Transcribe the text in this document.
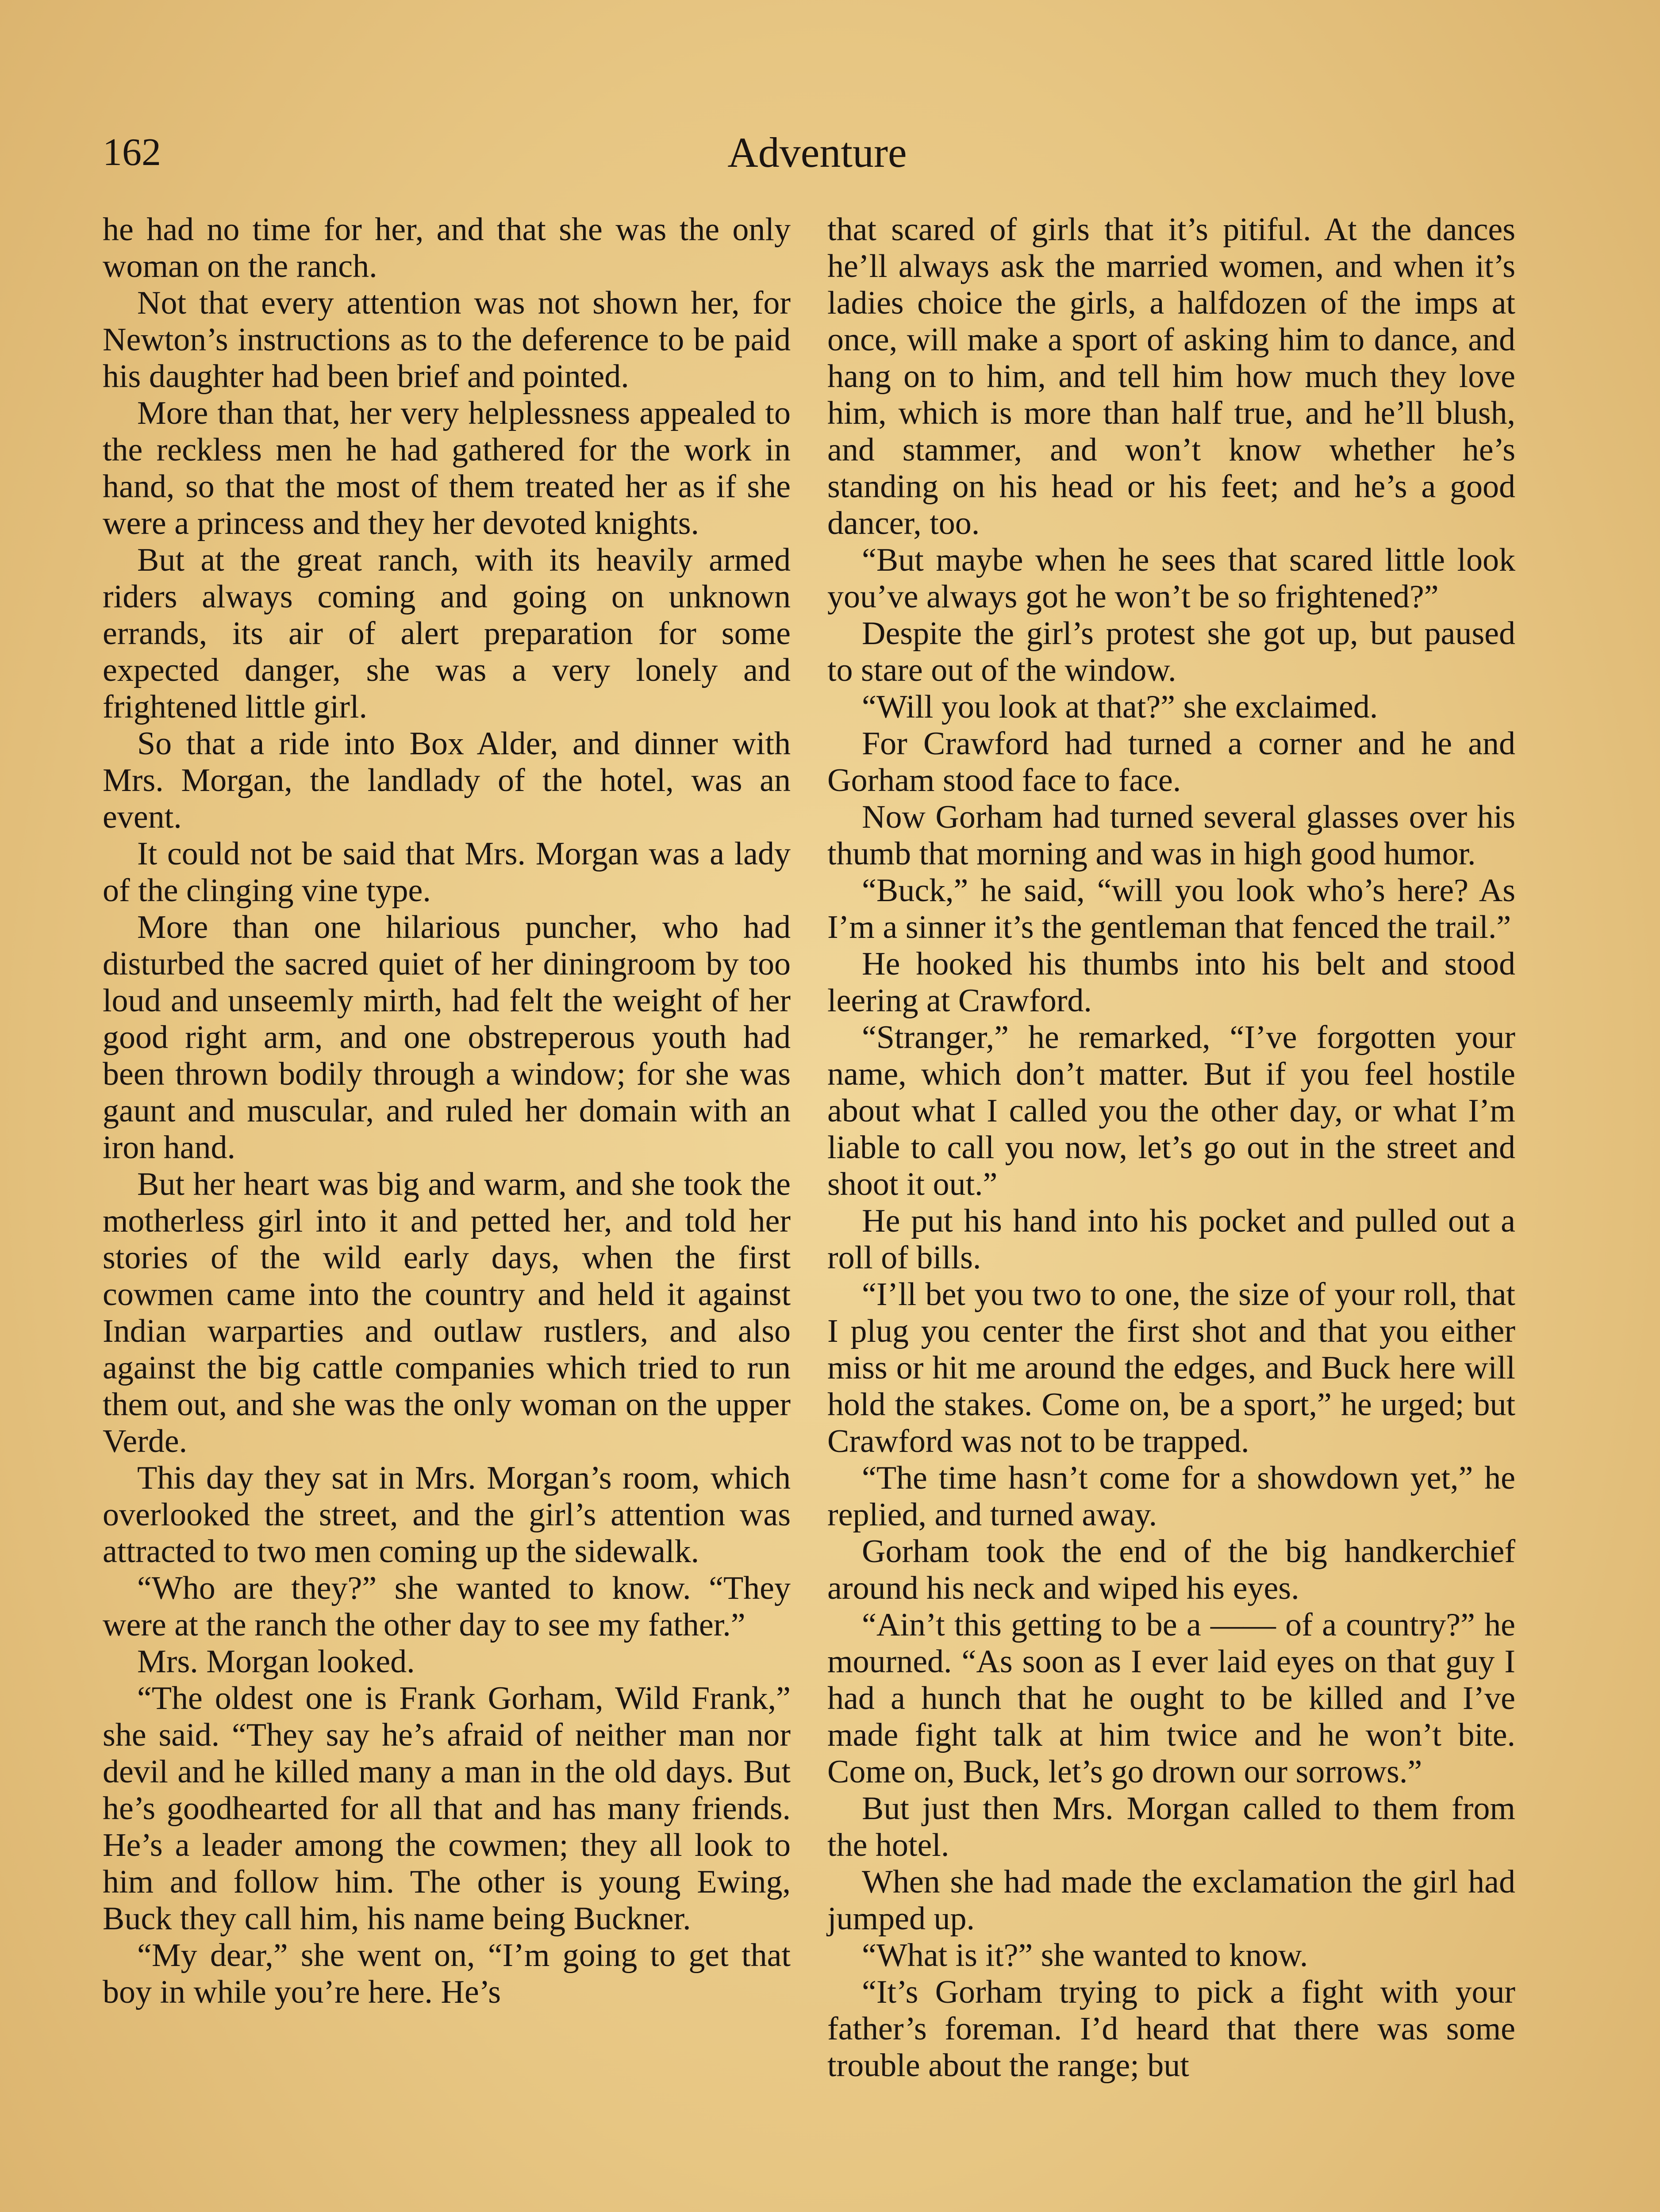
162	Adventure

he had no time for her, and that she was the only woman on the ranch.

Not that every attention was not shown her, for Newton’s instructions as to the deference to be paid his daughter had been brief and pointed.

More than that, her very helplessness appealed to the reckless men he had gathered for the work in hand, so that the most of them treated her as if she were a princess and they her devoted knights.

But at the great ranch, with its heavily armed riders always coming and going on unknown errands, its air of alert preparation for some expected danger, she was a very lonely and frightened little girl.

So that a ride into Box Alder, and dinner with Mrs. Morgan, the landlady of the hotel, was an event.

It could not be said that Mrs. Morgan was a lady of the clinging vine type.

More than one hilarious puncher, who had disturbed the sacred quiet of her diningroom by too loud and unseemly mirth, had felt the weight of her good right arm, and one obstreperous youth had been thrown bodily through a window; for she was gaunt and muscular, and ruled her domain with an iron hand.

But her heart was big and warm, and she took the motherless girl into it and petted her, and told her stories of the wild early days, when the first cowmen came into the country and held it against Indian warparties and outlaw rustlers, and also against the big cattle companies which tried to run them out, and she was the only woman on the upper Verde.

This day they sat in Mrs. Morgan’s room, which overlooked the street, and the girl’s attention was attracted to two men coming up the sidewalk.

“Who are they?” she wanted to know. “They were at the ranch the other day to see my father.”

Mrs. Morgan looked.

“The oldest one is Frank Gorham, Wild Frank,” she said. “They say he’s afraid of neither man nor devil and he killed many a man in the old days. But he’s goodhearted for all that and has many friends. He’s a leader among the cowmen; they all look to him and follow him. The other is young Ewing, Buck they call him, his name being Buckner.

“My dear,” she went on, “I’m going to get that boy in while you’re here. He’s

that scared of girls that it’s pitiful. At the dances he’ll always ask the married women, and when it’s ladies choice the girls, a halfdozen of the imps at once, will make a sport of asking him to dance, and hang on to him, and tell him how much they love him, which is more than half true, and he’ll blush, and stammer, and won’t know whether he’s standing on his head or his feet; and he’s a good dancer, too.

“But maybe when he sees that scared little look you’ve always got he won’t be so frightened?”

Despite the girl’s protest she got up, but paused to stare out of the window.

“Will you look at that?” she exclaimed.

For Crawford had turned a corner and he and Gorham stood face to face.

Now Gorham had turned several glasses over his thumb that morning and was in high good humor.

“Buck,” he said, “will you look who’s here? As I’m a sinner it’s the gentleman that fenced the trail.”

He hooked his thumbs into his belt and stood leering at Crawford.

“Stranger,” he remarked, “I’ve forgotten your name, which don’t matter. But if you feel hostile about what I called you the other day, or what I’m liable to call you now, let’s go out in the street and shoot it out.”

He put his hand into his pocket and pulled out a roll of bills.

“I’ll bet you two to one, the size of your roll, that I plug you center the first shot and that you either miss or hit me around the edges, and Buck here will hold the stakes. Come on, be a sport,” he urged; but Crawford was not to be trapped.

“The time hasn’t come for a showdown yet,” he replied, and turned away.

Gorham took the end of the big handkerchief around his neck and wiped his eyes.

“Ain’t this getting to be a —— of a country?” he mourned. “As soon as I ever laid eyes on that guy I had a hunch that he ought to be killed and I’ve made fight talk at him twice and he won’t bite. Come on, Buck, let’s go drown our sorrows.”

But just then Mrs. Morgan called to them from the hotel.

When she had made the exclamation the girl had jumped up.

“What is it?” she wanted to know.

“It’s Gorham trying to pick a fight with your father’s foreman. I’d heard that there was some trouble about the range; but
